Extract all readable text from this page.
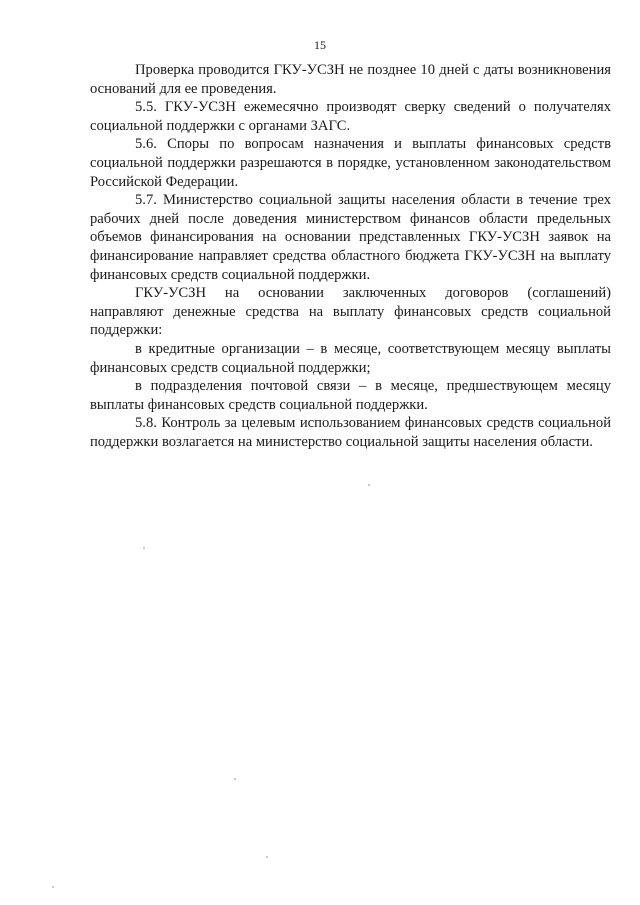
15

Проверка проводится ГКУ-УСЗН не позднее 10 дней с даты возникновения оснований для ее проведения.

5.5. ГКУ-УСЗН ежемесячно производят сверку сведений о получателях социальной поддержки с органами ЗАГС.

5.6. Споры по вопросам назначения и выплаты финансовых средств социальной поддержки разрешаются в порядке, установленном законодательством Российской Федерации.

5.7. Министерство социальной защиты населения области в течение трех рабочих дней после доведения министерством финансов области предельных объемов финансирования на основании представленных ГКУ-УСЗН заявок на финансирование направляет средства областного бюджета ГКУ-УСЗН на выплату финансовых средств социальной поддержки.

ГКУ-УСЗН на основании заключенных договоров (соглашений) направляют денежные средства на выплату финансовых средств социальной поддержки:

в кредитные организации – в месяце, соответствующем месяцу выплаты финансовых средств социальной поддержки;

в подразделения почтовой связи – в месяце, предшествующем месяцу выплаты финансовых средств социальной поддержки.

5.8. Контроль за целевым использованием финансовых средств социальной поддержки возлагается на министерство социальной защиты населения области.
